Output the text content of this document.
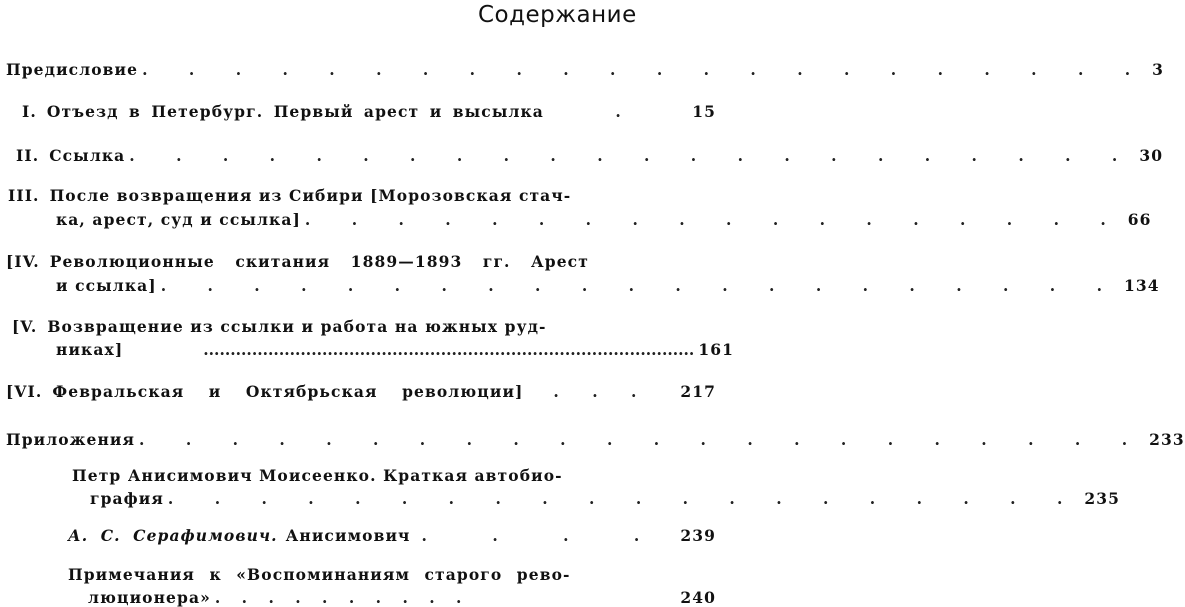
Содержание
Предисловие . . . . . . . . . . . . . . . . . . . . . . 3
I. Отъезд в Петербург. Первый арест и высылка	.	15
II. Ссылка . . . . . . . . . . . . . . . . . . . . . . 30
III. После возвращения из Сибири [Морозовская стач-
ка, арест, суд и ссылка] . . . . . . . . . . . . . . . . . . 66
[IV. Революционные скитания 1889—1893 гг. Арест
и ссылка] . . . . . . . . . . . . . . . . . . . . . 134
[V. Возвращение из ссылки и работа на южных руд-
никах]	........................................................................................... 161
[VI. Февральская и Октябрьская революции]	. . .	217
Приложения . . . . . . . . . . . . . . . . . . . . . . 233
Петр Анисимович Моисеенко. Краткая автобио-
графия . . . . . . . . . . . . . . . . . . . . 235
А. С. Серафимович. Анисимович . . . . 239
Примечания к «Воспоминаниям старого рево-
люционера» . . . . . . . . . .	240
